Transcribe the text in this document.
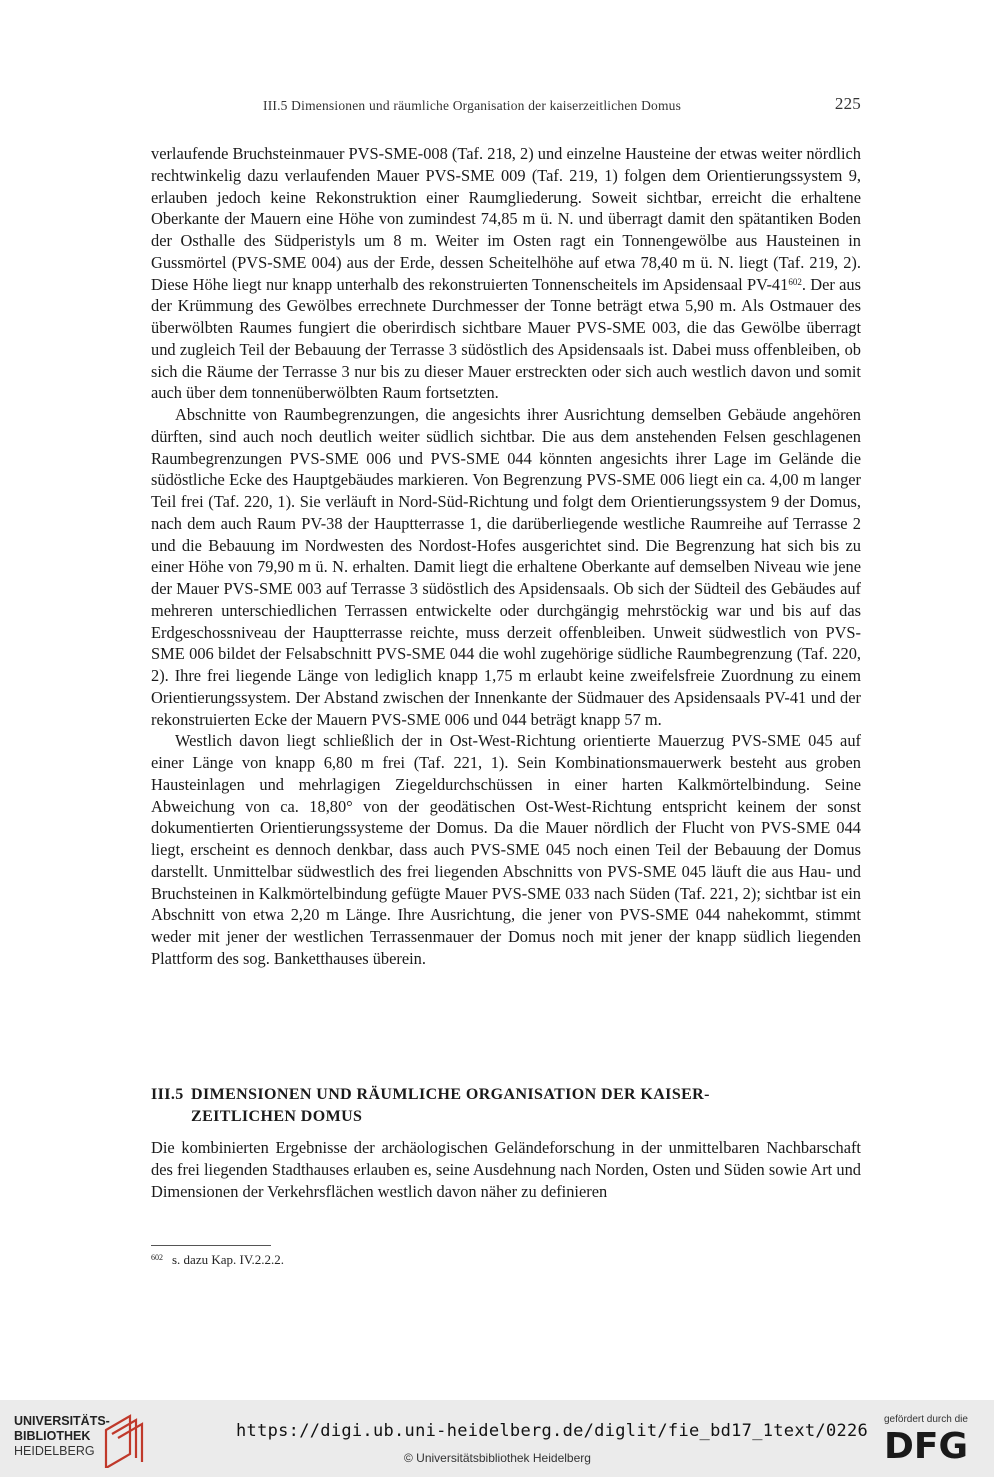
III.5 Dimensionen und räumliche Organisation der kaiserzeitlichen Domus	225

verlaufende Bruchsteinmauer PVS-SME-008 (Taf. 218, 2) und einzelne Hausteine der etwas weiter nördlich rechtwinkelig dazu verlaufenden Mauer PVS-SME 009 (Taf. 219, 1) folgen dem Orientierungssystem 9, erlauben jedoch keine Rekonstruktion einer Raumgliederung. Soweit sichtbar, erreicht die erhaltene Oberkante der Mauern eine Höhe von zumindest 74,85 m ü. N. und überragt damit den spätantiken Boden der Osthalle des Südperistyls um 8 m. Weiter im Osten ragt ein Tonnengewölbe aus Hausteinen in Gussmörtel (PVS-SME 004) aus der Erde, dessen Scheitelhöhe auf etwa 78,40 m ü. N. liegt (Taf. 219, 2). Diese Höhe liegt nur knapp unterhalb des rekonstruierten Tonnenscheitels im Apsidensaal PV-41$^{602}$. Der aus der Krümmung des Gewölbes errechnete Durchmesser der Tonne beträgt etwa 5,90 m. Als Ostmauer des überwölbten Raumes fungiert die oberirdisch sichtbare Mauer PVS-SME 003, die das Gewölbe überragt und zugleich Teil der Bebauung der Terrasse 3 südöstlich des Apsidensaals ist. Dabei muss offenbleiben, ob sich die Räume der Terrasse 3 nur bis zu dieser Mauer erstreckten oder sich auch westlich davon und somit auch über dem tonnenüberwölbten Raum fortsetzten.

Abschnitte von Raumbegrenzungen, die angesichts ihrer Ausrichtung demselben Gebäude angehören dürften, sind auch noch deutlich weiter südlich sichtbar. Die aus dem anstehenden Felsen geschlagenen Raumbegrenzungen PVS-SME 006 und PVS-SME 044 könnten angesichts ihrer Lage im Gelände die südöstliche Ecke des Hauptgebäudes markieren. Von Begrenzung PVS-SME 006 liegt ein ca. 4,00 m langer Teil frei (Taf. 220, 1). Sie verläuft in Nord-Süd-Richtung und folgt dem Orientierungssystem 9 der Domus, nach dem auch Raum PV-38 der Hauptterrasse 1, die darüberliegende westliche Raumreihe auf Terrasse 2 und die Bebauung im Nordwesten des Nordost-Hofes ausgerichtet sind. Die Begrenzung hat sich bis zu einer Höhe von 79,90 m ü. N. erhalten. Damit liegt die erhaltene Oberkante auf demselben Niveau wie jene der Mauer PVS-SME 003 auf Terrasse 3 südöstlich des Apsidensaals. Ob sich der Südteil des Gebäudes auf mehreren unterschiedlichen Terrassen entwickelte oder durchgängig mehrstöckig war und bis auf das Erdgeschossniveau der Hauptterrasse reichte, muss derzeit offenbleiben. Unweit südwestlich von PVS-SME 006 bildet der Felsabschnitt PVS-SME 044 die wohl zugehörige südliche Raumbegrenzung (Taf. 220, 2). Ihre frei liegende Länge von lediglich knapp 1,75 m erlaubt keine zweifelsfreie Zuordnung zu einem Orientierungssystem. Der Abstand zwischen der Innenkante der Südmauer des Apsidensaals PV-41 und der rekonstruierten Ecke der Mauern PVS-SME 006 und 044 beträgt knapp 57 m.

Westlich davon liegt schließlich der in Ost-West-Richtung orientierte Mauerzug PVS-SME 045 auf einer Länge von knapp 6,80 m frei (Taf. 221, 1). Sein Kombinationsmauerwerk besteht aus groben Hausteinlagen und mehrlagigen Ziegeldurchschüssen in einer harten Kalkmörtelbindung. Seine Abweichung von ca. 18,80° von der geodätischen Ost-West-Richtung entspricht keinem der sonst dokumentierten Orientierungssysteme der Domus. Da die Mauer nördlich der Flucht von PVS-SME 044 liegt, erscheint es dennoch denkbar, dass auch PVS-SME 045 noch einen Teil der Bebauung der Domus darstellt. Unmittelbar südwestlich des frei liegenden Abschnitts von PVS-SME 045 läuft die aus Hau- und Bruchsteinen in Kalkmörtelbindung gefügte Mauer PVS-SME 033 nach Süden (Taf. 221, 2); sichtbar ist ein Abschnitt von etwa 2,20 m Länge. Ihre Ausrichtung, die jener von PVS-SME 044 nahekommt, stimmt weder mit jener der westlichen Terrassenmauer der Domus noch mit jener der knapp südlich liegenden Plattform des sog. Banketthauses überein.

III.5 DIMENSIONEN UND RÄUMLICHE ORGANISATION DER KAISER-
ZEITLICHEN DOMUS
Die kombinierten Ergebnisse der archäologischen Geländeforschung in der unmittelbaren Nachbarschaft des frei liegenden Stadthauses erlauben es, seine Ausdehnung nach Norden, Osten und Süden sowie Art und Dimensionen der Verkehrsflächen westlich davon näher zu definieren
$^{602}$ s. dazu Kap. IV.2.2.2.
UNIVERSITÄTS-
BIBLIOTHEK
HEIDELBERG
https://digi.ub.uni-heidelberg.de/diglit/fie_bd17_1text/0226
© Universitätsbibliothek Heidelberg
gefördert durch die
DFG
